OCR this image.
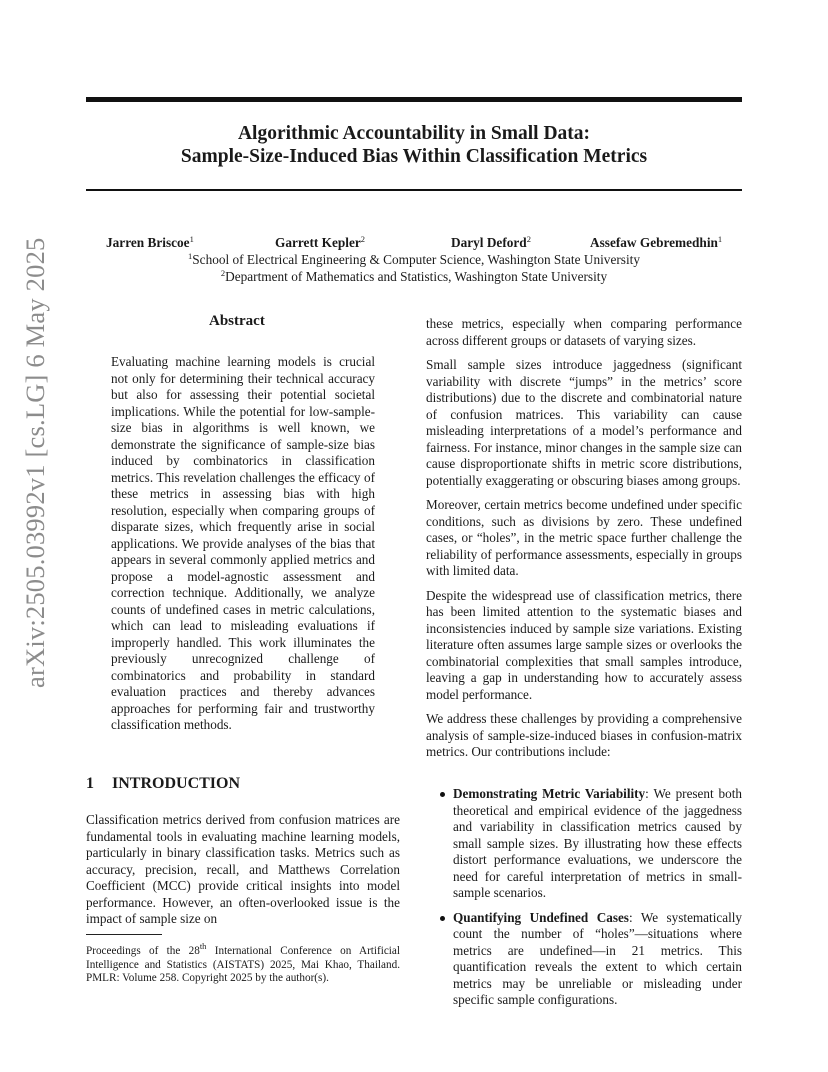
Algorithmic Accountability in Small Data:
Sample-Size-Induced Bias Within Classification Metrics
Jarren Briscoe$^1$	Garrett Kepler$^2$	Daryl Deford$^2$	Assefaw Gebremedhin$^1$
$^1$School of Electrical Engineering & Computer Science, Washington State University
$^2$Department of Mathematics and Statistics, Washington State University
arXiv:2505.03992v1 [cs.LG] 6 May 2025	Abstract

Evaluating machine learning models is crucial not only for determining their technical accuracy but also for assessing their potential societal implications. While the potential for low-sample-size bias in algorithms is well known, we demonstrate the significance of sample-size bias induced by combinatorics in classification metrics. This revelation challenges the efficacy of these metrics in assessing bias with high resolution, especially when comparing groups of disparate sizes, which frequently arise in social applications. We provide analyses of the bias that appears in several commonly applied metrics and propose a model-agnostic assessment and correction technique. Additionally, we analyze counts of undefined cases in metric calculations, which can lead to misleading evaluations if improperly handled. This work illuminates the previously unrecognized challenge of combinatorics and probability in standard evaluation practices and thereby advances approaches for performing fair and trustworthy classification methods.

1 INTRODUCTION

Classification metrics derived from confusion matrices are fundamental tools in evaluating machine learning models, particularly in binary classification tasks. Metrics such as accuracy, precision, recall, and Matthews Correlation Coefficient (MCC) provide critical insights into model performance. However, an often-overlooked issue is the impact of sample size on

Proceedings of the 28th International Conference on Artificial Intelligence and Statistics (AISTATS) 2025, Mai Khao, Thailand. PMLR: Volume 258. Copyright 2025 by the author(s).

these metrics, especially when comparing performance across different groups or datasets of varying sizes.

Small sample sizes introduce jaggedness (significant variability with discrete “jumps” in the metrics’ score distributions) due to the discrete and combinatorial nature of confusion matrices. This variability can cause misleading interpretations of a model’s performance and fairness. For instance, minor changes in the sample size can cause disproportionate shifts in metric score distributions, potentially exaggerating or obscuring biases among groups.

Moreover, certain metrics become undefined under specific conditions, such as divisions by zero. These undefined cases, or “holes”, in the metric space further challenge the reliability of performance assessments, especially in groups with limited data.

Despite the widespread use of classification metrics, there has been limited attention to the systematic biases and inconsistencies induced by sample size variations. Existing literature often assumes large sample sizes or overlooks the combinatorial complexities that small samples introduce, leaving a gap in understanding how to accurately assess model performance.

We address these challenges by providing a comprehensive analysis of sample-size-induced biases in confusion-matrix metrics. Our contributions include:

Demonstrating Metric Variability: We present both theoretical and empirical evidence of the jaggedness and variability in classification metrics caused by small sample sizes. By illustrating how these effects distort performance evaluations, we underscore the need for careful interpretation of metrics in small-sample scenarios.

Quantifying Undefined Cases: We systematically count the number of “holes”—situations where metrics are undefined—in 21 metrics. This quantification reveals the extent to which certain metrics may be unreliable or misleading under specific sample configurations.
